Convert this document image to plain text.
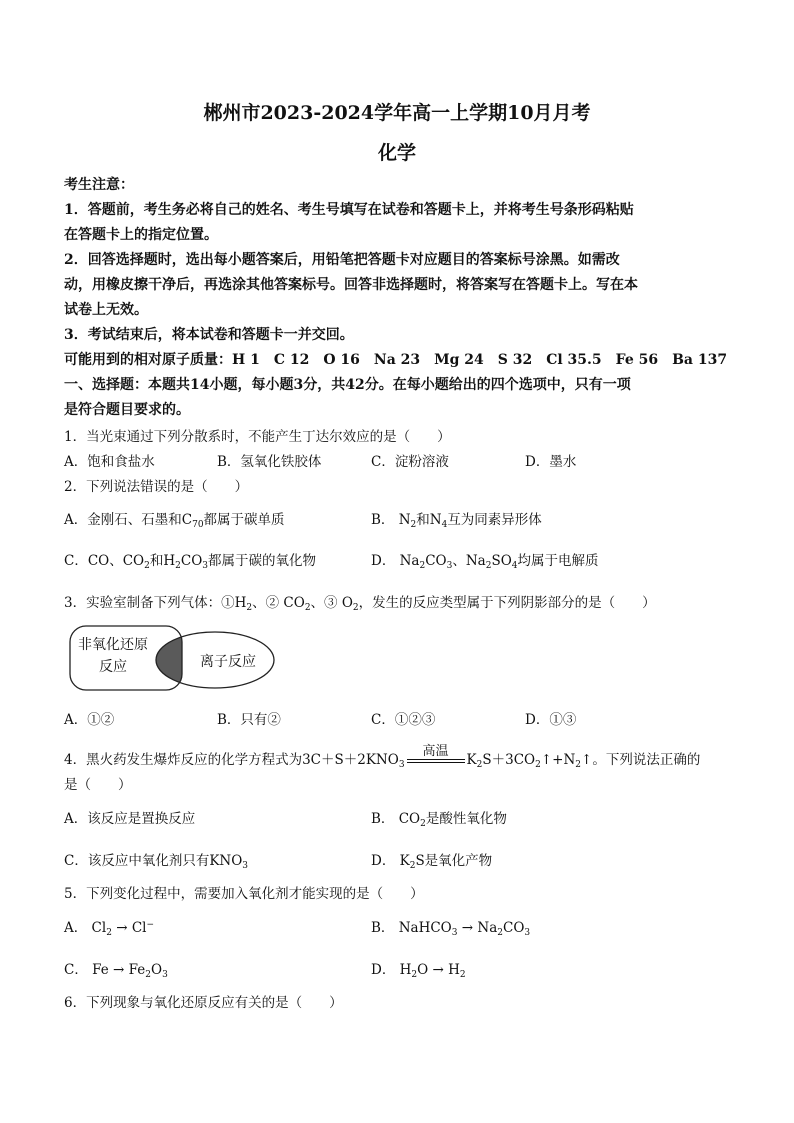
郴州市2023-2024学年高一上学期10月月考
化学
考生注意：
1．答题前，考生务必将自己的姓名、考生号填写在试卷和答题卡上，并将考生号条形码粘贴
在答题卡上的指定位置。
2．回答选择题时，选出每小题答案后，用铅笔把答题卡对应题目的答案标号涂黑。如需改
动，用橡皮擦干净后，再选涂其他答案标号。回答非选择题时，将答案写在答题卡上。写在本
试卷上无效。
3．考试结束后，将本试卷和答题卡一并交回。
可能用到的相对原子质量：H 1　C 12　O 16　Na 23　Mg 24　S 32　Cl 35.5　Fe 56　Ba 137
一、选择题：本题共14小题，每小题3分，共42分。在每小题给出的四个选项中，只有一项
是符合题目要求的。
1．当光束通过下列分散系时，不能产生丁达尔效应的是（　　）
A．饱和食盐水	B．氢氧化铁胶体	C．淀粉溶液	D．墨水
2．下列说法错误的是（　　）
A．金刚石、石墨和$C_{70}$都属于碳单质	B． $N_2$和$N_4$互为同素异形体
C．CO、$CO_2$和$H_2CO_3$都属于碳的氧化物	D． $Na_2CO_3$、$Na_2SO_4$均属于电解质
3．实验室制备下列气体：$①H_2$、② $CO_2$、③ $O_2$，发生的反应类型属于下列阴影部分的是（　　）
非氧化还原
反应	离子反应
A．①②	B．只有②	C．①②③	D．①③
4．黑火药发生爆炸反应的化学方程式为$3C+S+2KNO_3$
高温
$K_2S+3CO_2↑+N_2↑$。下列说法正确的
是（　　）
A．该反应是置换反应	B． $CO_2$是酸性氧化物
C．该反应中氧化剂只有$KNO_3$	D． $K_2S$是氧化产物
5．下列变化过程中，需要加入氧化剂才能实现的是（　　）
A． $Cl_2 \to Cl^-$	B． NaHCO$_3$ → $Na_2CO_3$
C． $Fe \to Fe_2O_3$	D． $H_2O \to H_2$
6．下列现象与氧化还原反应有关的是（　　）
